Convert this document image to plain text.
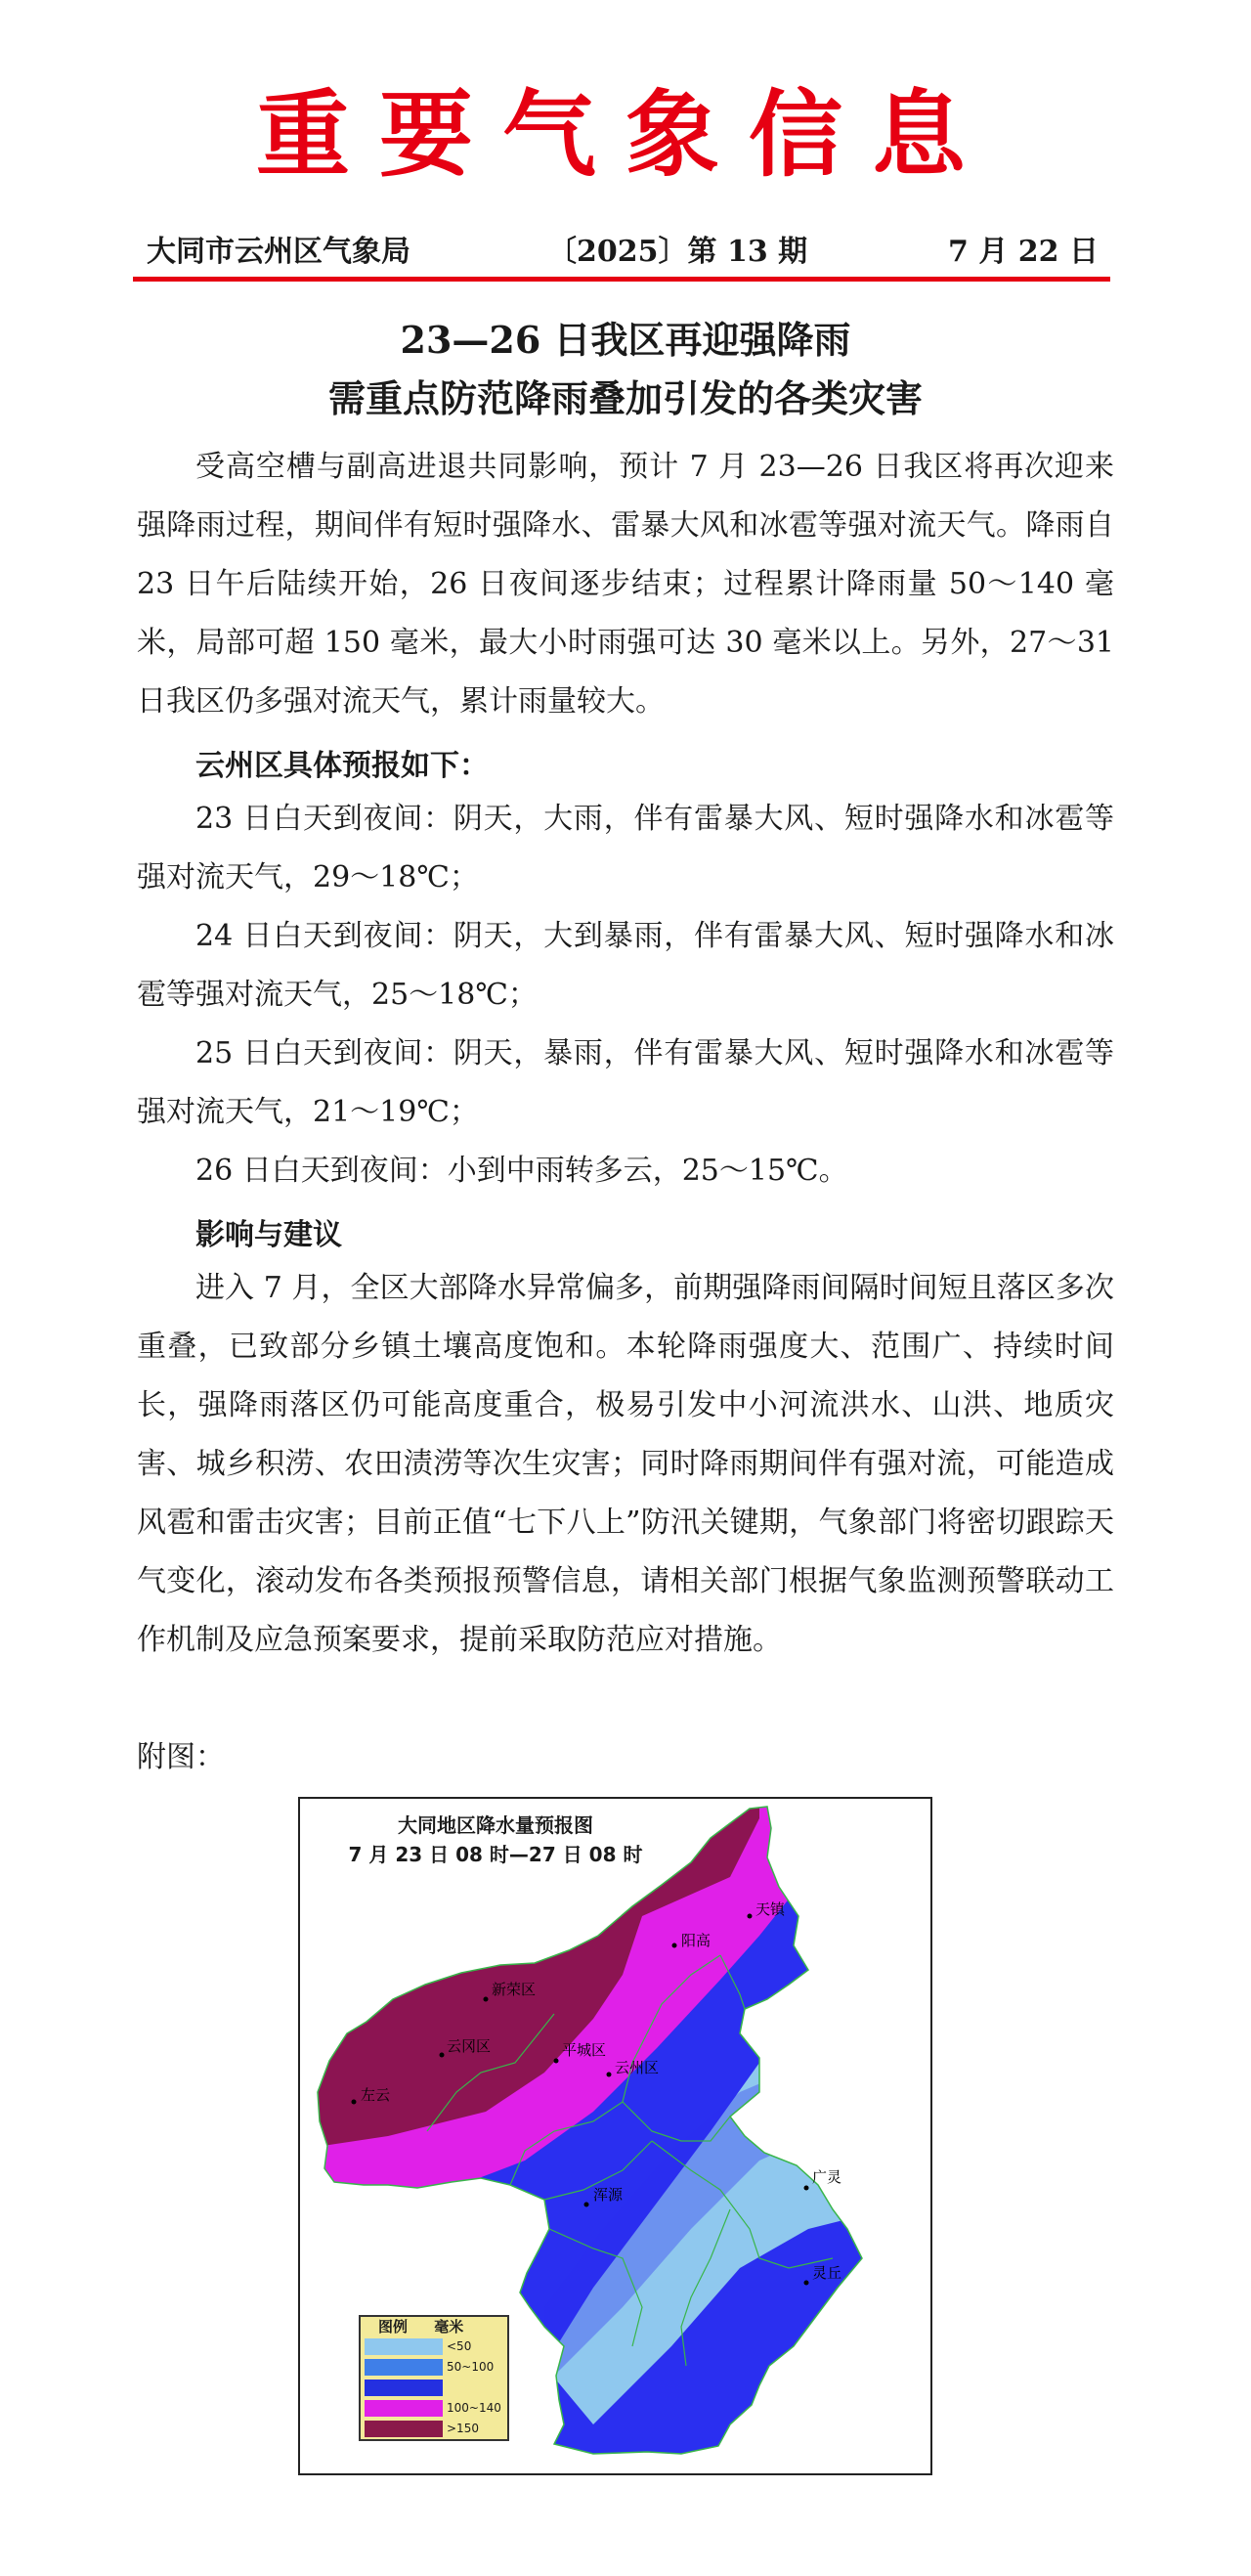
重要气象信息
大同市云州区气象局	〔2025〕第 13 期	7 月 22 日
23—26 日我区再迎强降雨
需重点防范降雨叠加引发的各类灾害

受高空槽与副高进退共同影响，预计 7 月 23—26 日我区将再次迎来强降雨过程，期间伴有短时强降水、雷暴大风和冰雹等强对流天气。降雨自 23 日午后陆续开始，26 日夜间逐步结束；过程累计降雨量 50～140 毫米，局部可超 150 毫米，最大小时雨强可达 30 毫米以上。另外，27～31 日我区仍多强对流天气，累计雨量较大。

云州区具体预报如下：

23 日白天到夜间：阴天，大雨，伴有雷暴大风、短时强降水和冰雹等强对流天气，29～18℃；

24 日白天到夜间：阴天，大到暴雨，伴有雷暴大风、短时强降水和冰雹等强对流天气，25～18℃；

25 日白天到夜间：阴天，暴雨，伴有雷暴大风、短时强降水和冰雹等强对流天气，21～19℃；

26 日白天到夜间：小到中雨转多云，25～15℃。

影响与建议

进入 7 月，全区大部降水异常偏多，前期强降雨间隔时间短且落区多次重叠，已致部分乡镇土壤高度饱和。本轮降雨强度大、范围广、持续时间长，强降雨落区仍可能高度重合，极易引发中小河流洪水、山洪、地质灾害、城乡积涝、农田渍涝等次生灾害；同时降雨期间伴有强对流，可能造成风雹和雷击灾害；目前正值“七下八上”防汛关键期，气象部门将密切跟踪天气变化，滚动发布各类预报预警信息，请相关部门根据气象监测预警联动工作机制及应急预案要求，提前采取防范应对措施。

附图：
天镇
阳高
新荣区
云冈区	平城区
云州区
左云
浑源
广灵
灵丘
大同地区降水量预报图
7 月 23 日 08 时—27 日 08 时
图例 毫米
<50
50~100
100~140
>150
